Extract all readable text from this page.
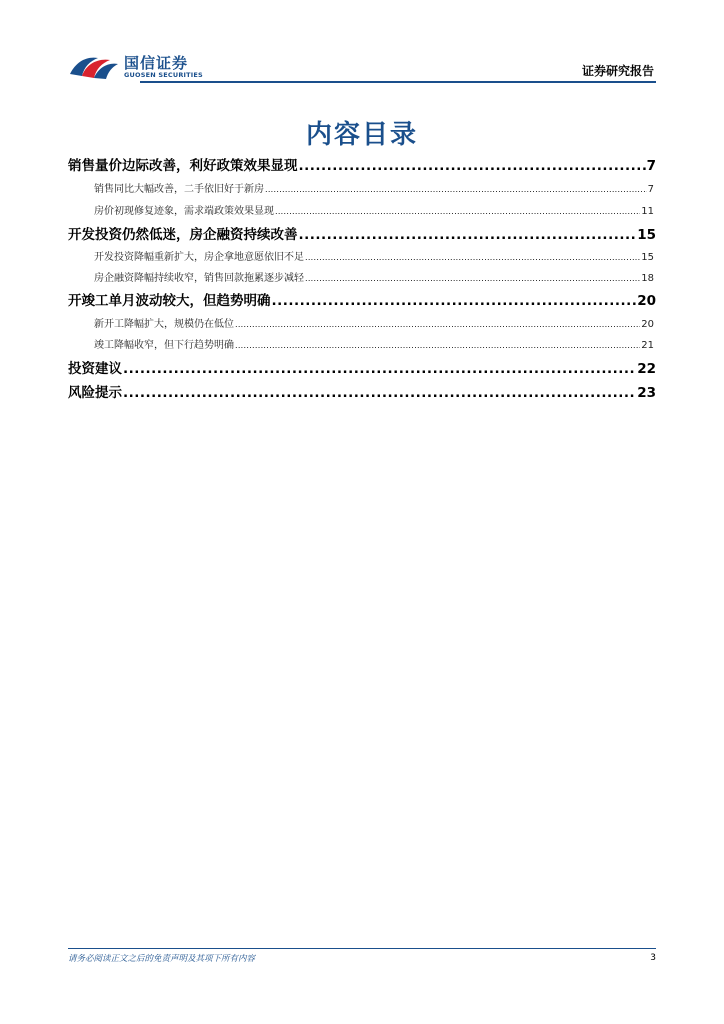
国信证券
GUOSEN SECURITIES	证券研究报告
内容目录
销售量价边际改善，利好政策效果显现 .....	7
销售同比大幅改善，二手依旧好于新房 .....	7
房价初现修复迹象，需求端政策效果显现 .....	11
开发投资仍然低迷，房企融资持续改善 .....	15
开发投资降幅重新扩大，房企拿地意愿依旧不足 .....	15
房企融资降幅持续收窄，销售回款拖累逐步减轻 .....	18
开竣工单月波动较大，但趋势明确 .....	20
新开工降幅扩大，规模仍在低位 .....	20
竣工降幅收窄，但下行趋势明确 .....	21
投资建议 .....	22
风险提示 .....	23
请务必阅读正文之后的免责声明及其项下所有内容	3
